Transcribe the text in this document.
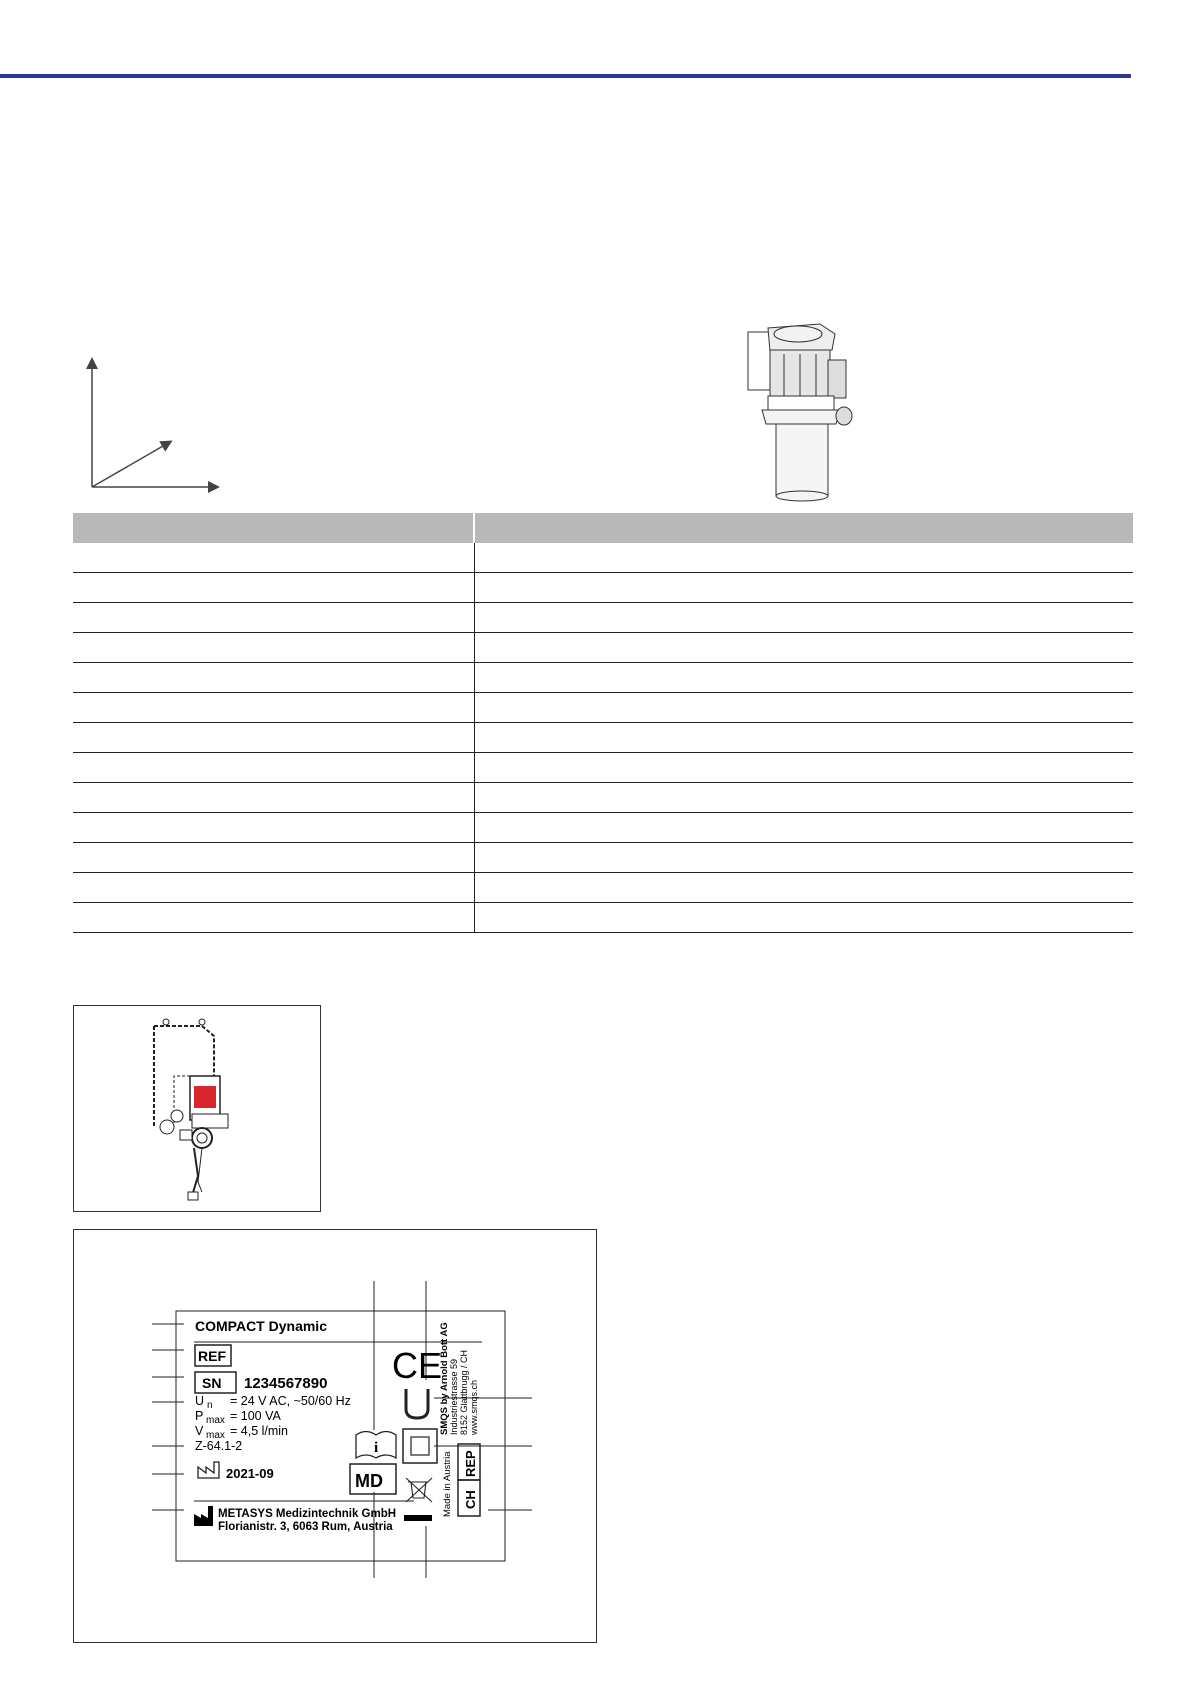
CE
i
COMPACT Dynamic
REF
SN 1234567890
U n = 24 V AC, ~50/60 Hz
P max = 100 VA
V max = 4,5 l/min
Z-64.1-2
2021-09
METASYS Medizintechnik GmbH
Florianistr. 3, 6063 Rum, Austria
MD	Made in Austria
SMQS by Arnold Bott AG Industriestrasse 59 8152 Glattbrugg / CH www.smqs.ch
REP
CH
